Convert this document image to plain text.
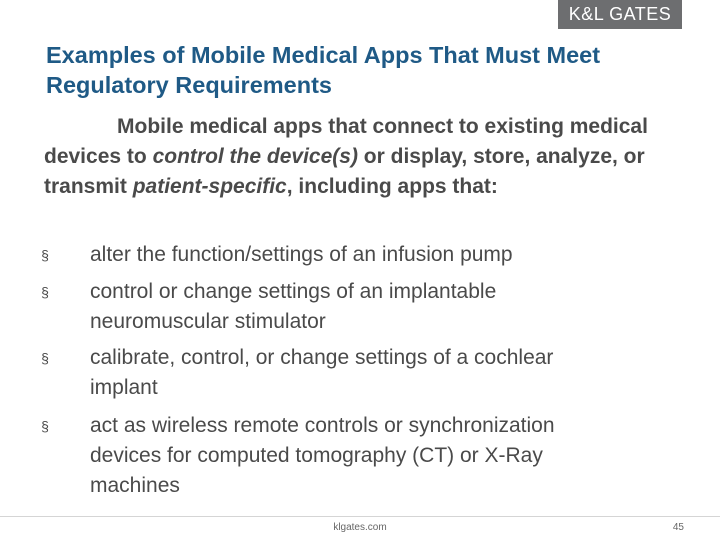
K&L GATES
Examples of Mobile Medical Apps That Must Meet Regulatory Requirements

Mobile medical apps that connect to existing medical devices to control the device(s) or display, store, analyze, or transmit patient-specific, including apps that:

§	alter the function/settings of an infusion pump
§	control or change settings of an implantable neuromuscular stimulator
§	calibrate, control, or change settings of a cochlear implant
§	act as wireless remote controls or synchronization devices for computed tomography (CT) or X-Ray machines
klgates.com	45
